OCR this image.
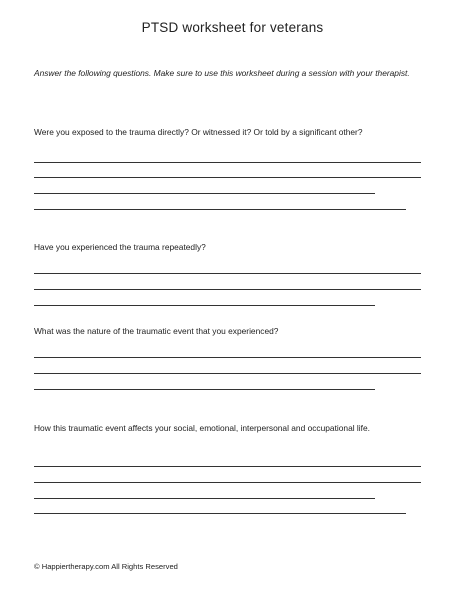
PTSD worksheet for veterans
Answer the following questions. Make sure to use this worksheet during a session with your therapist.
Were you exposed to the trauma directly? Or witnessed it? Or told by a significant other?
Have you experienced the trauma repeatedly?
What was the nature of the traumatic event that you experienced?
How this traumatic event affects your social, emotional, interpersonal and occupational life.
© Happiertherapy.com All Rights Reserved
